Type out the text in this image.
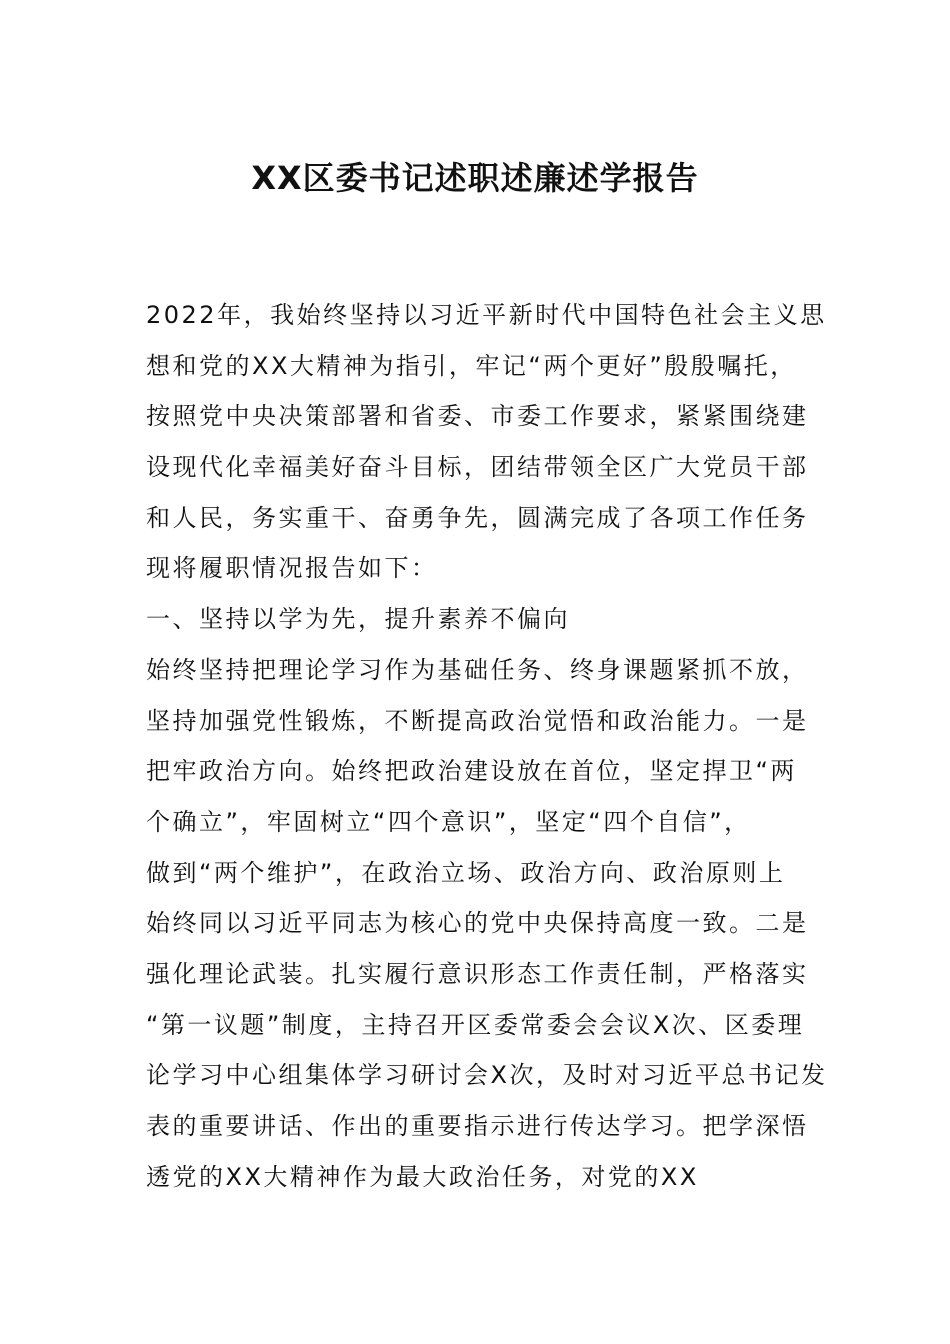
XX区委书记述职述廉述学报告
2022年，我始终坚持以习近平新时代中国特色社会主义思
想和党的XX大精神为指引，牢记“两个更好”殷殷嘱托，
按照党中央决策部署和省委、市委工作要求，紧紧围绕建
设现代化幸福美好奋斗目标，团结带领全区广大党员干部
和人民，务实重干、奋勇争先，圆满完成了各项工作任务
现将履职情况报告如下：
一、坚持以学为先，提升素养不偏向
始终坚持把理论学习作为基础任务、终身课题紧抓不放，
坚持加强党性锻炼，不断提高政治觉悟和政治能力。一是
把牢政治方向。始终把政治建设放在首位，坚定捍卫“两
个确立”，牢固树立“四个意识”，坚定“四个自信”，
做到“两个维护”，在政治立场、政治方向、政治原则上
始终同以习近平同志为核心的党中央保持高度一致。二是
强化理论武装。扎实履行意识形态工作责任制，严格落实
“第一议题”制度，主持召开区委常委会会议X次、区委理
论学习中心组集体学习研讨会X次，及时对习近平总书记发
表的重要讲话、作出的重要指示进行传达学习。把学深悟
透党的XX大精神作为最大政治任务，对党的XX
